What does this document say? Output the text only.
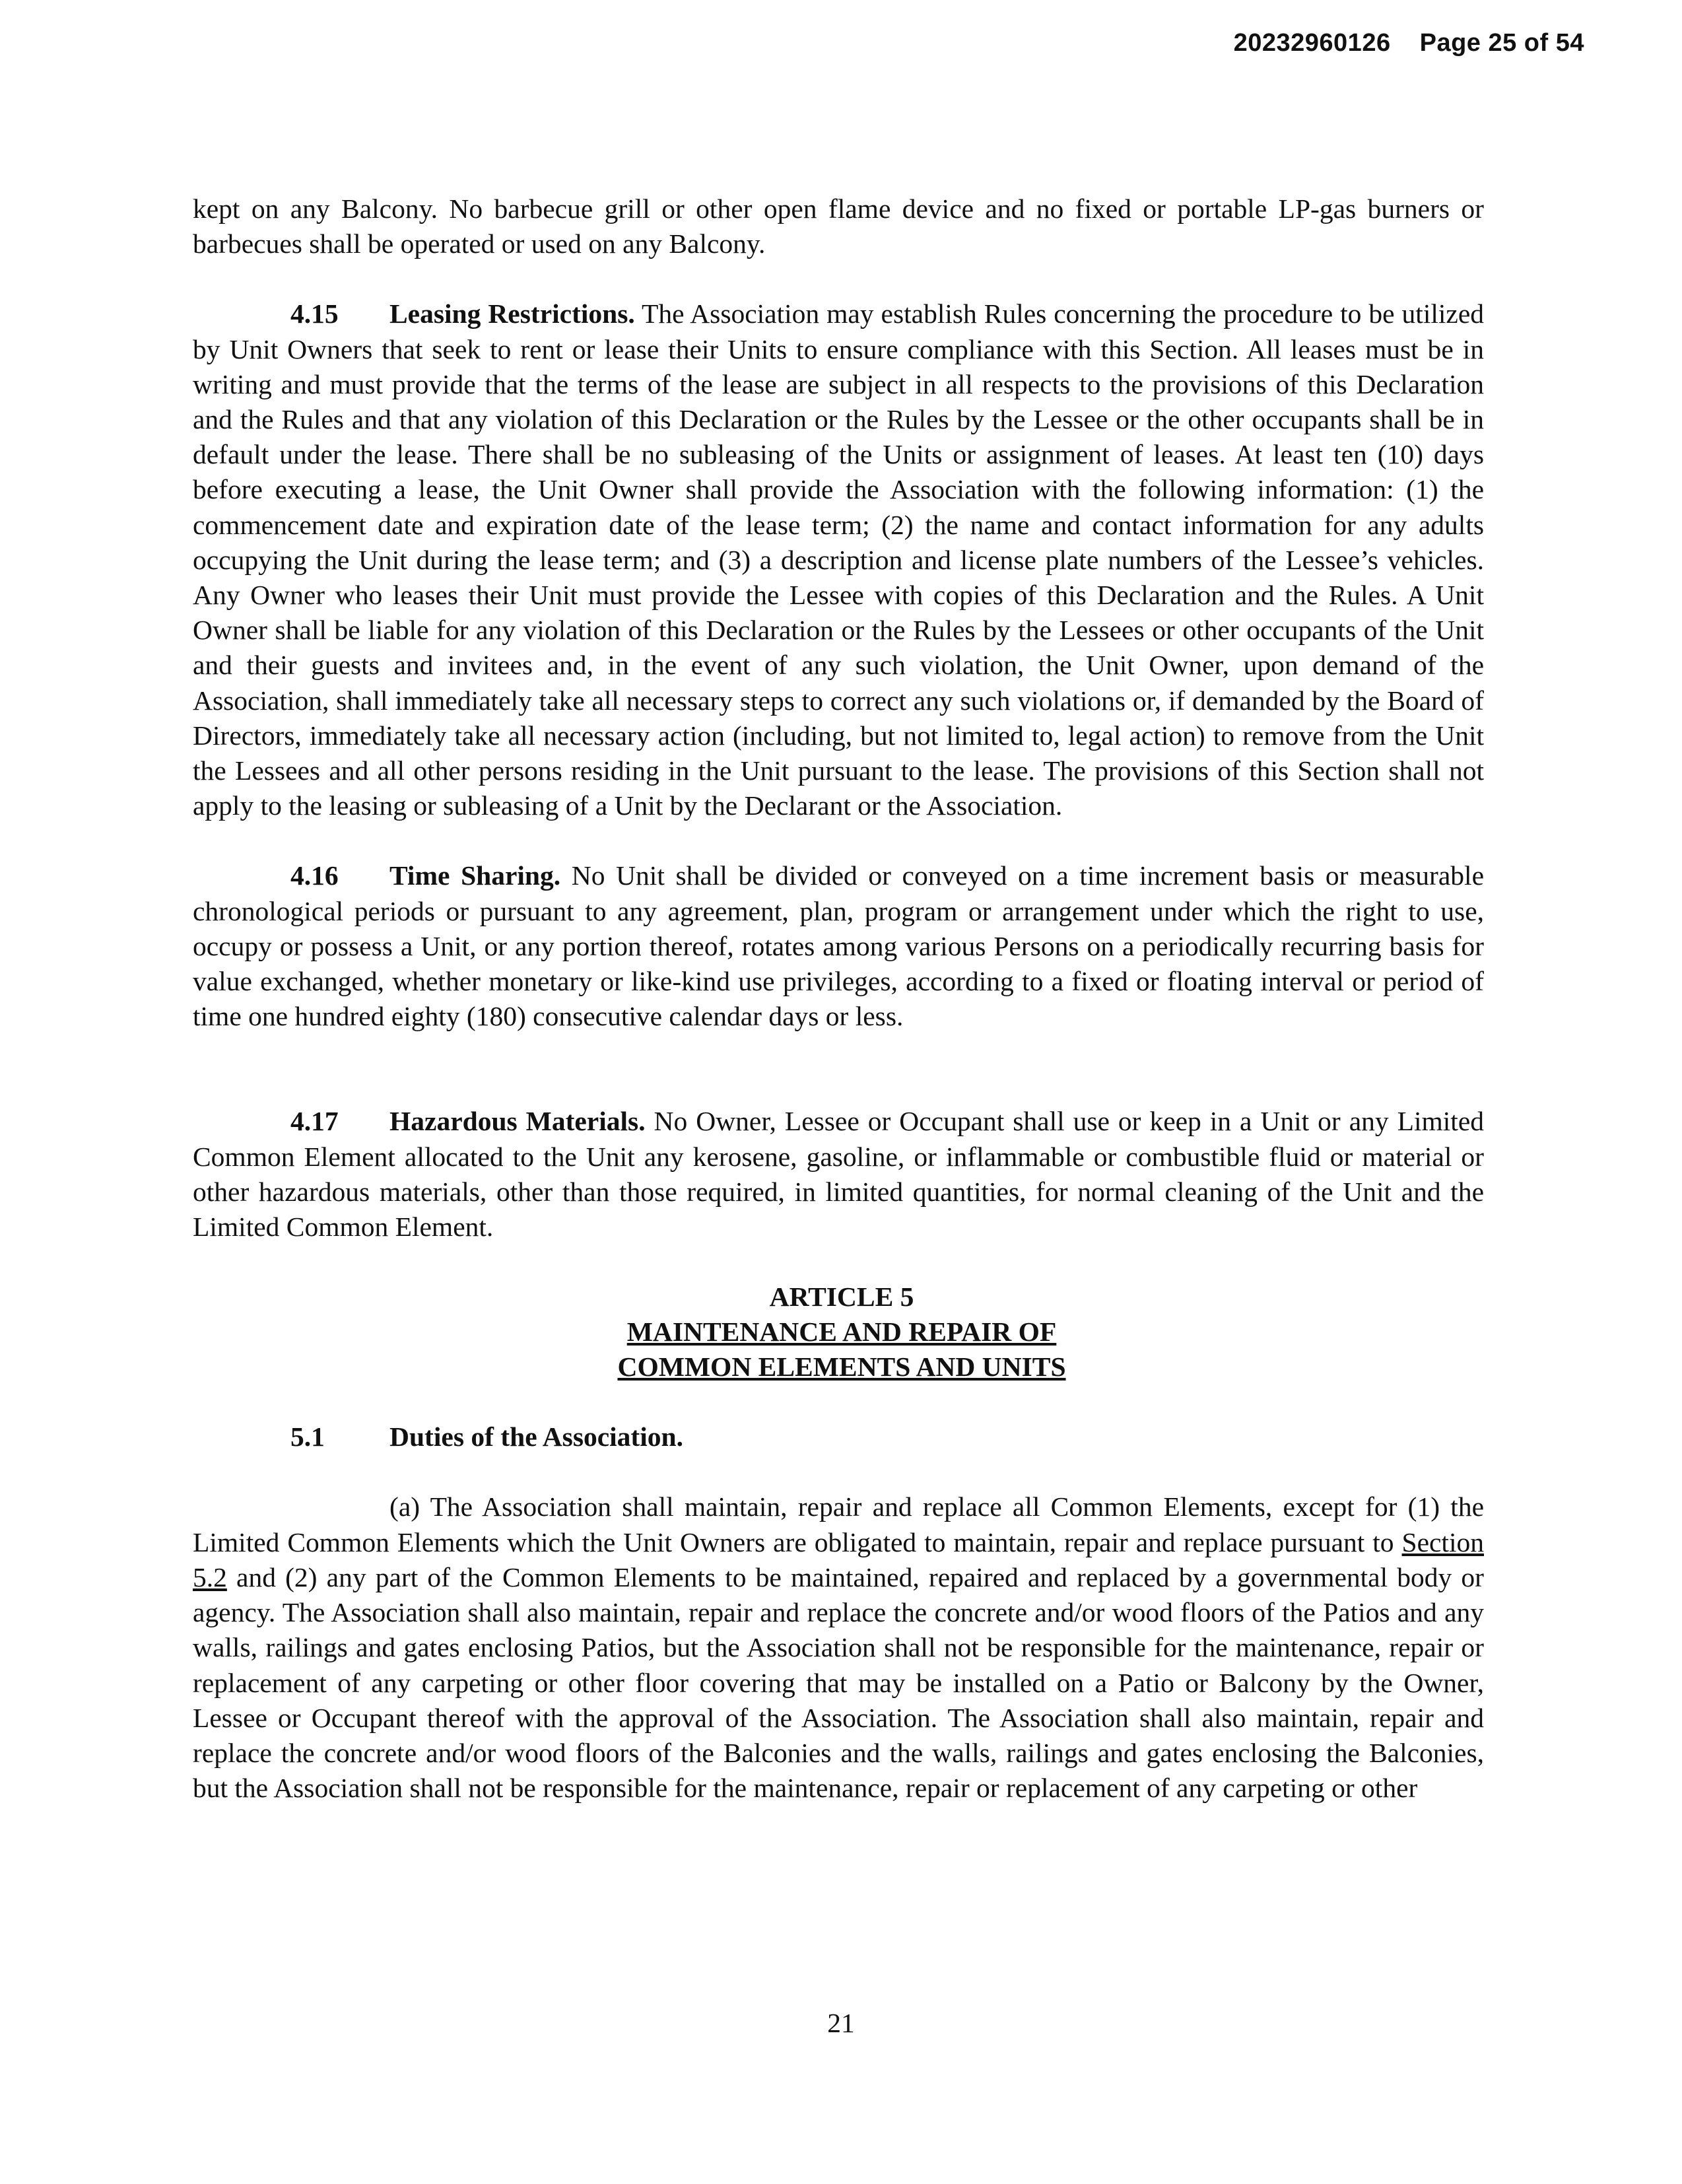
20232960126 Page 25 of 54

kept on any Balcony. No barbecue grill or other open flame device and no fixed or portable LP-gas burners or barbecues shall be operated or used on any Balcony.

4.15 Leasing Restrictions. The Association may establish Rules concerning the procedure to be utilized by Unit Owners that seek to rent or lease their Units to ensure compliance with this Section. All leases must be in writing and must provide that the terms of the lease are subject in all respects to the provisions of this Declaration and the Rules and that any violation of this Declaration or the Rules by the Lessee or the other occupants shall be in default under the lease. There shall be no subleasing of the Units or assignment of leases. At least ten (10) days before executing a lease, the Unit Owner shall provide the Association with the following information: (1) the commencement date and expiration date of the lease term; (2) the name and contact information for any adults occupying the Unit during the lease term; and (3) a description and license plate numbers of the Lessee’s vehicles. Any Owner who leases their Unit must provide the Lessee with copies of this Declaration and the Rules. A Unit Owner shall be liable for any violation of this Declaration or the Rules by the Lessees or other occupants of the Unit and their guests and invitees and, in the event of any such violation, the Unit Owner, upon demand of the Association, shall immediately take all necessary steps to correct any such violations or, if demanded by the Board of Directors, immediately take all necessary action (including, but not limited to, legal action) to remove from the Unit the Lessees and all other persons residing in the Unit pursuant to the lease. The provisions of this Section shall not apply to the leasing or subleasing of a Unit by the Declarant or the Association.

4.16 Time Sharing. No Unit shall be divided or conveyed on a time increment basis or measurable chronological periods or pursuant to any agreement, plan, program or arrangement under which the right to use, occupy or possess a Unit, or any portion thereof, rotates among various Persons on a periodically recurring basis for value exchanged, whether monetary or like-kind use privileges, according to a fixed or floating interval or period of time one hundred eighty (180) consecutive calendar days or less.

4.17 Hazardous Materials. No Owner, Lessee or Occupant shall use or keep in a Unit or any Limited Common Element allocated to the Unit any kerosene, gasoline, or inflammable or combustible fluid or material or other hazardous materials, other than those required, in limited quantities, for normal cleaning of the Unit and the Limited Common Element.

ARTICLE 5
MAINTENANCE AND REPAIR OF
COMMON ELEMENTS AND UNITS
5.1 Duties of the Association.

(a) The Association shall maintain, repair and replace all Common Elements, except for (1) the Limited Common Elements which the Unit Owners are obligated to maintain, repair and replace pursuant to Section 5.2 and (2) any part of the Common Elements to be maintained, repaired and replaced by a governmental body or agency. The Association shall also maintain, repair and replace the concrete and/or wood floors of the Patios and any walls, railings and gates enclosing Patios, but the Association shall not be responsible for the maintenance, repair or replacement of any carpeting or other floor covering that may be installed on a Patio or Balcony by the Owner, Lessee or Occupant thereof with the approval of the Association. The Association shall also maintain, repair and replace the concrete and/or wood floors of the Balconies and the walls, railings and gates enclosing the Balconies, but the Association shall not be responsible for the maintenance, repair or replacement of any carpeting or other

21
